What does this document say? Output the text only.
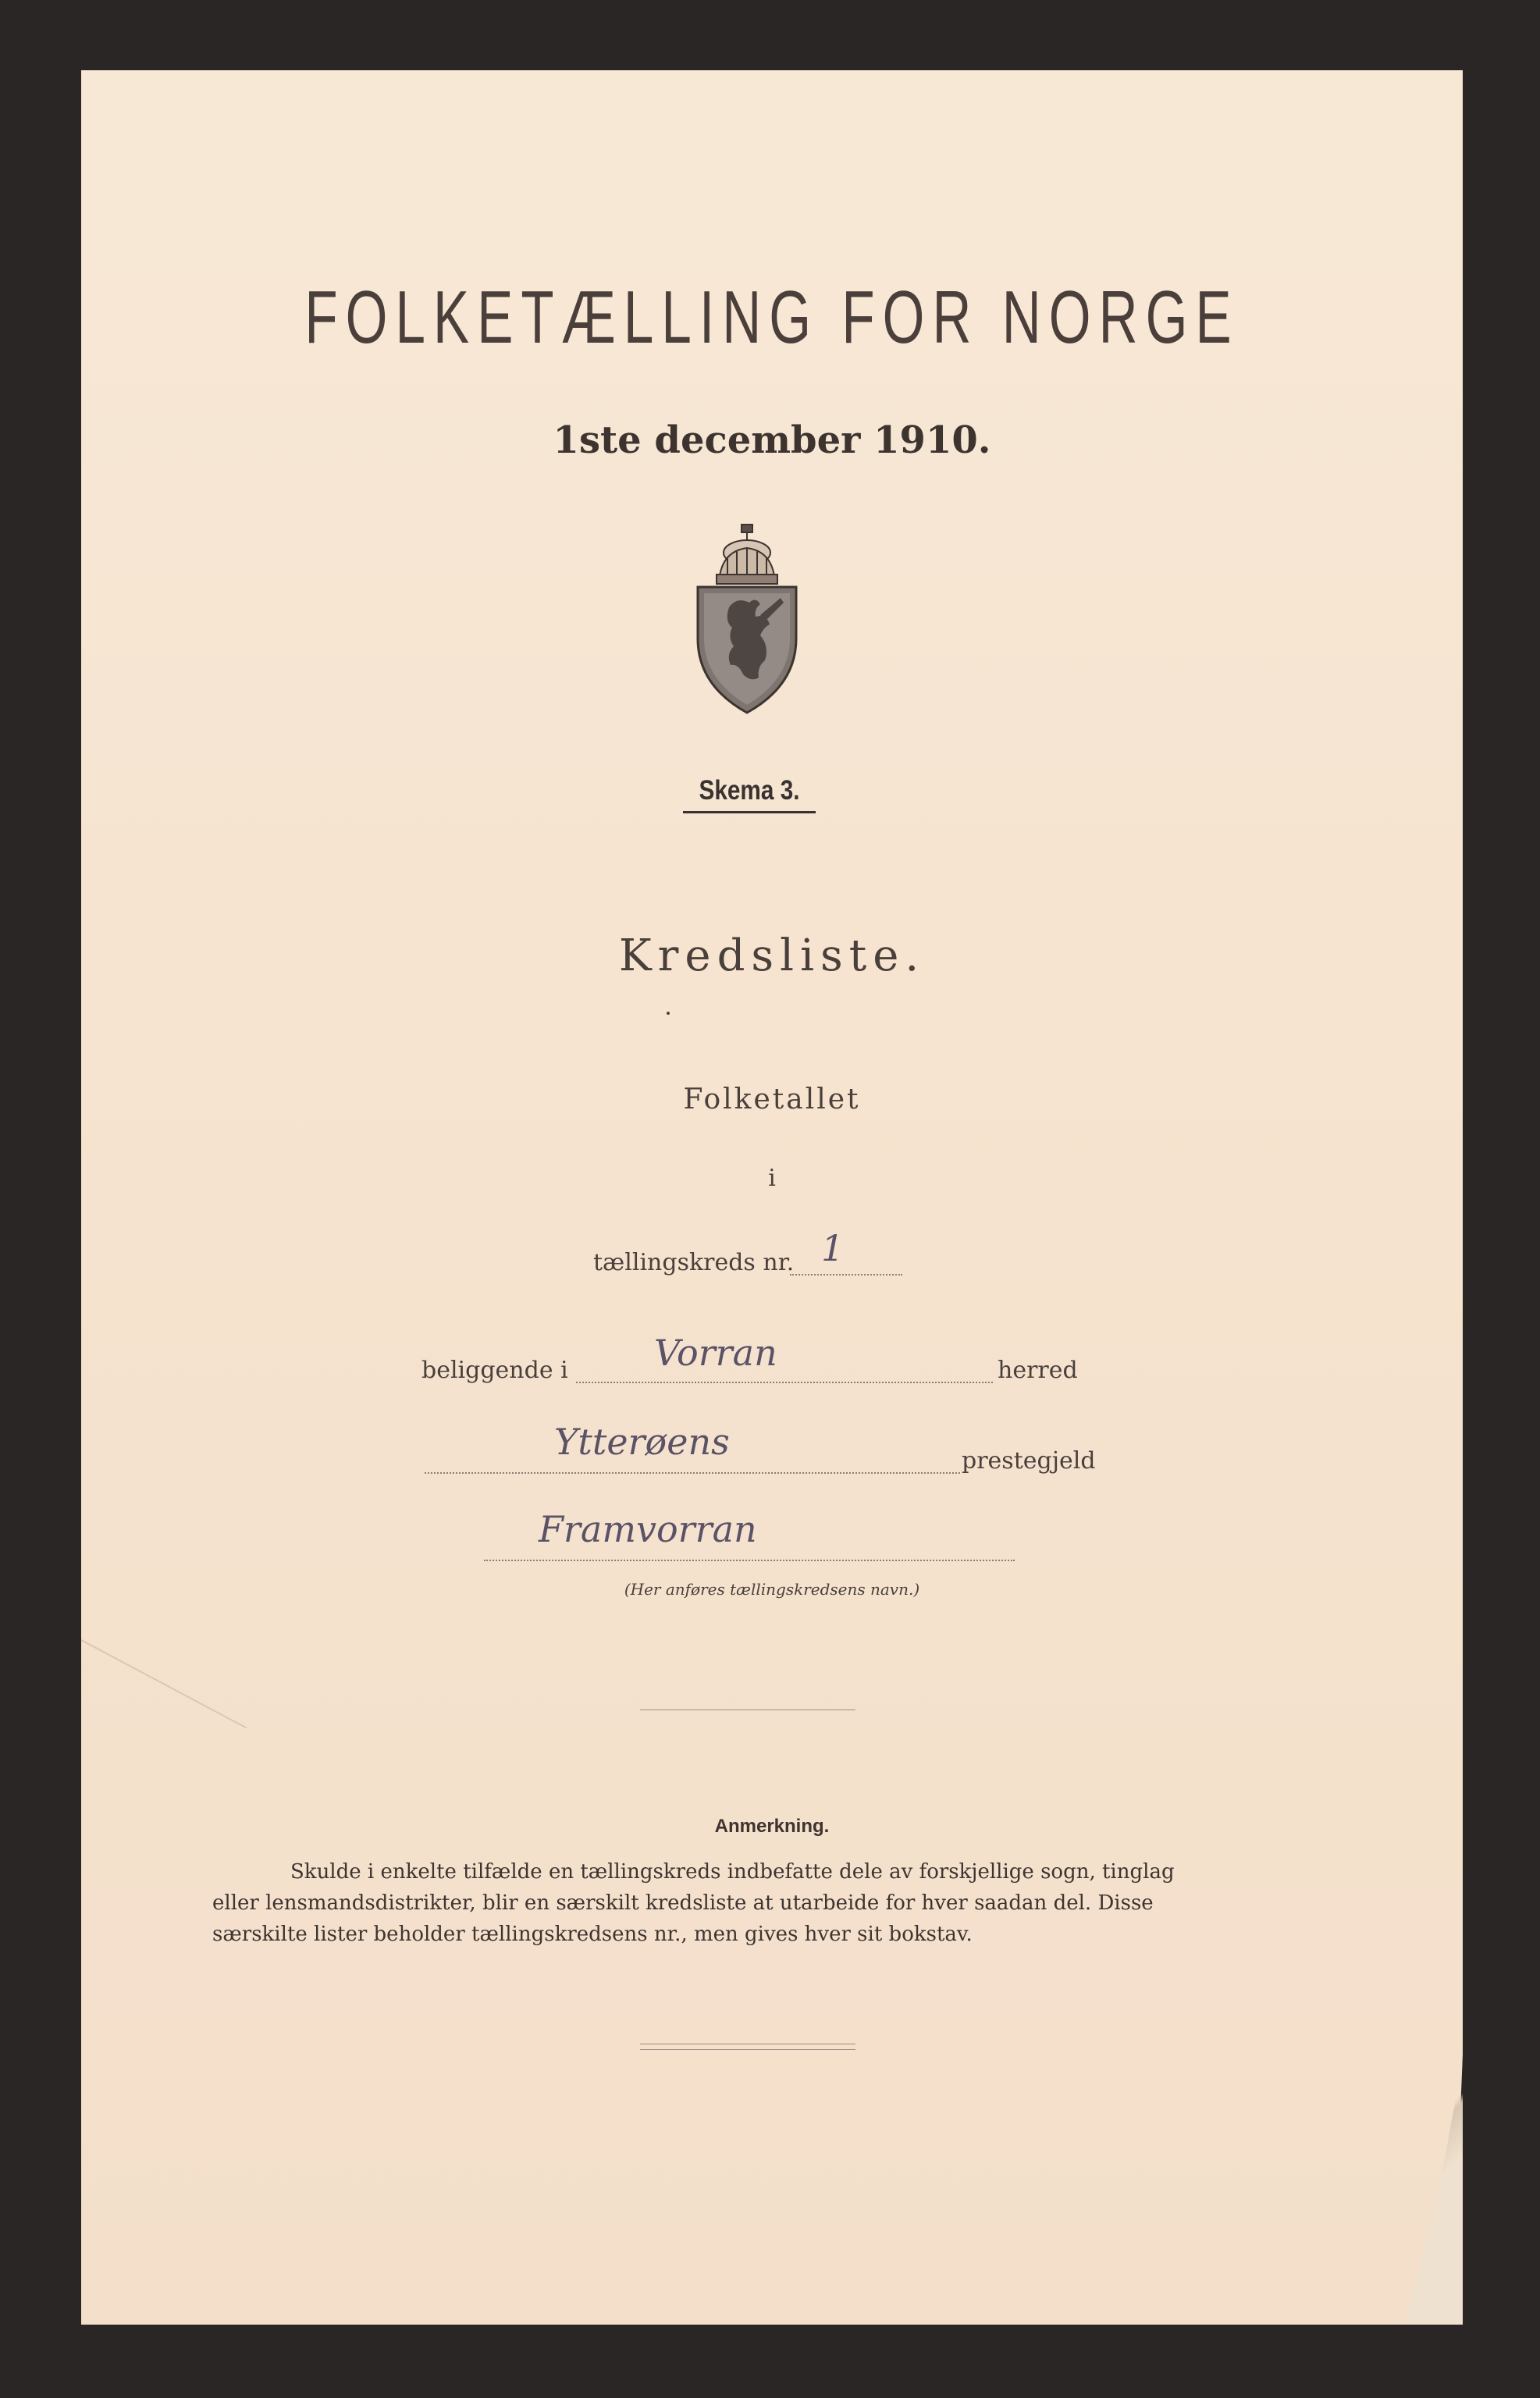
FOLKETÆLLING FOR NORGE
1ste december 1910.
Skema 3.
Kredsliste.
Folketallet
i
tællingskreds nr. 1
beliggende i Vorran	herred
Ytterøens	prestegjeld
Framvorran
(Her anføres tællingskredsens navn.)
Anmerkning.
Skulde i enkelte tilfælde en tællingskreds indbefatte dele av forskjellige sogn, tinglag
eller lensmandsdistrikter, blir en særskilt kredsliste at utarbeide for hver saadan del. Disse
særskilte lister beholder tællingskredsens nr., men gives hver sit bokstav.
